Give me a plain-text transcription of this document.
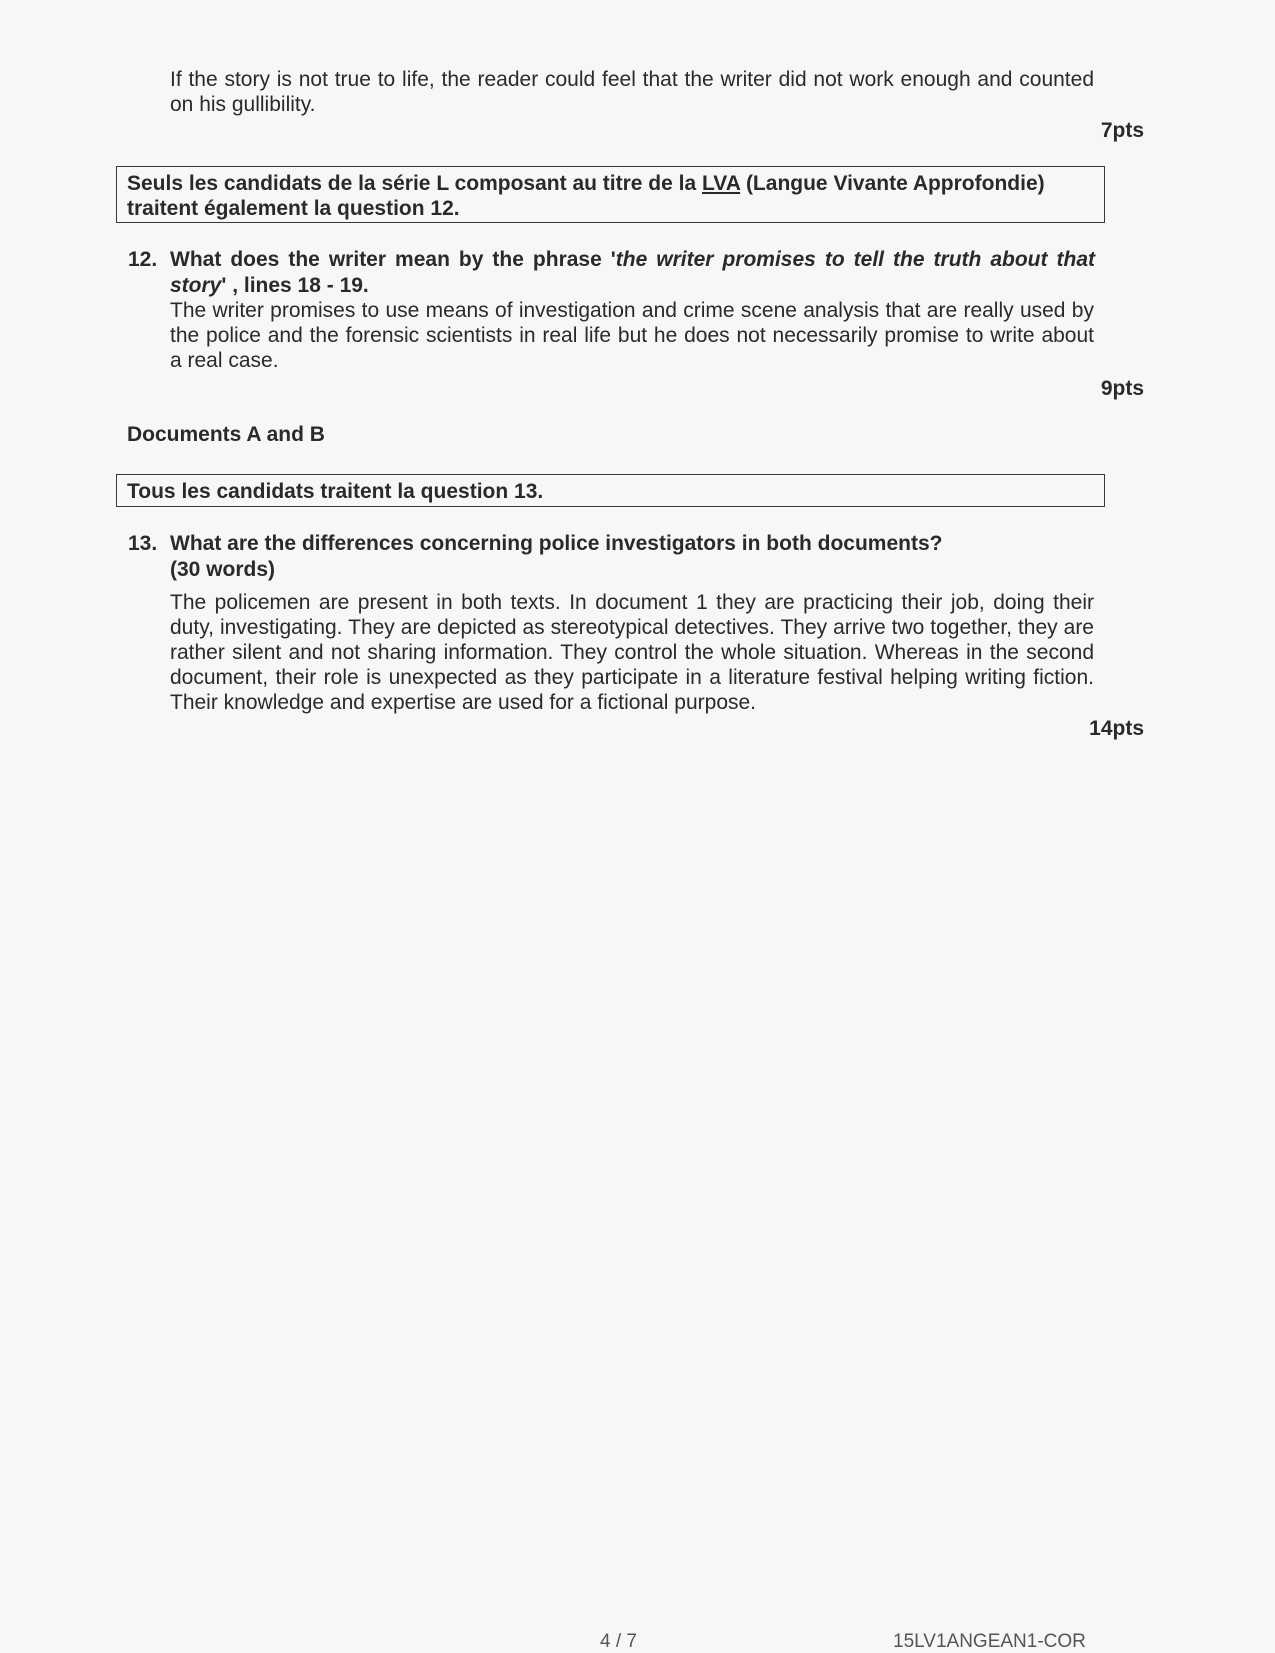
If the story is not true to life, the reader could feel that the writer did not work enough and counted on his gullibility.
7pts
Seuls les candidats de la série L composant au titre de la LVA (Langue Vivante Approfondie) traitent également la question 12.
12. What does the writer mean by the phrase 'the writer promises to tell the truth about that story' , lines 18 - 19.
The writer promises to use means of investigation and crime scene analysis that are really used by the police and the forensic scientists in real life but he does not necessarily promise to write about a real case.
9pts
Documents A and B
Tous les candidats traitent la question 13.
13. What are the differences concerning police investigators in both documents?
(30 words)
The policemen are present in both texts. In document 1 they are practicing their job, doing their duty, investigating. They are depicted as stereotypical detectives. They arrive two together, they are rather silent and not sharing information. They control the whole situation. Whereas in the second document, their role is unexpected as they participate in a literature festival helping writing fiction. Their knowledge and expertise are used for a fictional purpose.
14pts
4 / 7	15LV1ANGEAN1-COR
